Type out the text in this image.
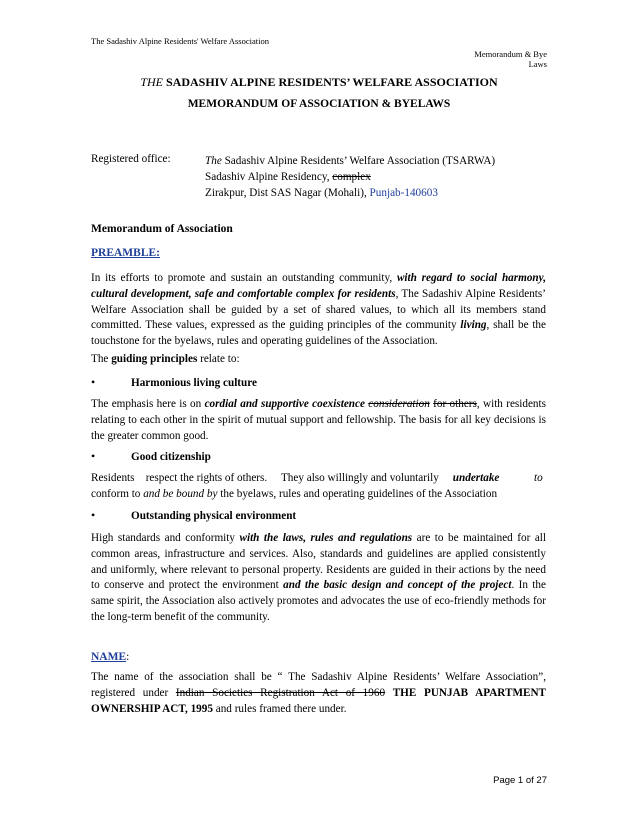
The Sadashiv Alpine Residents' Welfare Association
Memorandum & Bye Laws
THE SADASHIV ALPINE RESIDENTS’ WELFARE ASSOCIATION
MEMORANDUM OF ASSOCIATION & BYELAWS
Registered office:	The Sadashiv Alpine Residents’ Welfare Association (TSARWA)
Sadashiv Alpine Residency, complex
Zirakpur, Dist SAS Nagar (Mohali), Punjab-140603
Memorandum of Association
PREAMBLE:
In its efforts to promote and sustain an outstanding community, with regard to social harmony, cultural development, safe and comfortable complex for residents, The Sadashiv Alpine Residents’ Welfare Association shall be guided by a set of shared values, to which all its members stand committed. These values, expressed as the guiding principles of the community living, shall be the touchstone for the byelaws, rules and operating guidelines of the Association.
The guiding principles relate to:
•	Harmonious living culture
The emphasis here is on cordial and supportive coexistence consideration for others, with residents relating to each other in the spirit of mutual support and fellowship. The basis for all key decisions is the greater common good.
•	Good citizenship
Residents    respect the rights of others.     They also willingly and voluntarily     undertake	to
conform to and be bound by the byelaws, rules and operating guidelines of the Association
•	Outstanding physical environment
High standards and conformity with the laws, rules and regulations are to be maintained for all common areas, infrastructure and services. Also, standards and guidelines are applied consistently and uniformly, where relevant to personal property. Residents are guided in their actions by the need to conserve and protect the environment and the basic design and concept of the project. In the same spirit, the Association also actively promotes and advocates the use of eco-friendly methods for the long-term benefit of the community.
NAME:
The name of the association shall be “ The Sadashiv Alpine Residents’ Welfare Association”, registered under Indian Societies Registration Act of 1960 THE PUNJAB APARTMENT OWNERSHIP ACT, 1995 and rules framed there under.
Page 1 of 27
